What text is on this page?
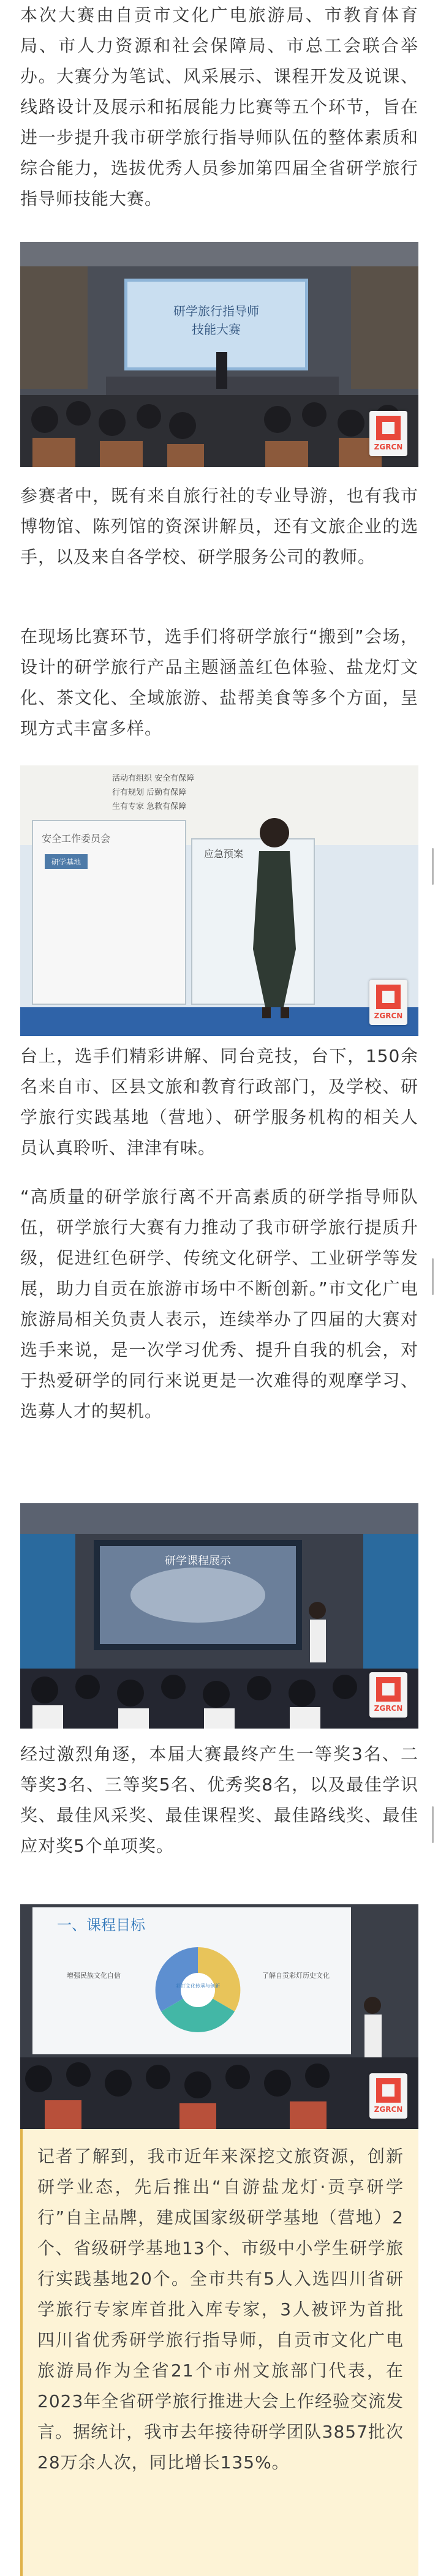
本次大赛由自贡市文化广电旅游局、市教育体育局、市人力资源和社会保障局、市总工会联合举办。大赛分为笔试、风采展示、课程开发及说课、线路设计及展示和拓展能力比赛等五个环节，旨在进一步提升我市研学旅行指导师队伍的整体素质和综合能力，选拔优秀人员参加第四届全省研学旅行指导师技能大赛。

研学旅行指导师
技能大赛
ZGRCN

参赛者中，既有来自旅行社的专业导游，也有我市博物馆、陈列馆的资深讲解员，还有文旅企业的选手，以及来自各学校、研学服务公司的教师。

在现场比赛环节，选手们将研学旅行“搬到”会场，设计的研学旅行产品主题涵盖红色体验、盐龙灯文化、茶文化、全域旅游、盐帮美食等多个方面，呈现方式丰富多样。

安全工作委员会
研学基地
应急预案
活动有组织 安全有保障
行有规划 后勤有保障
生有专家 急救有保障
ZGRCN

台上，选手们精彩讲解、同台竞技，台下，150余名来自市、区县文旅和教育行政部门，及学校、研学旅行实践基地（营地）、研学服务机构的相关人员认真聆听、津津有味。

“高质量的研学旅行离不开高素质的研学指导师队伍，研学旅行大赛有力推动了我市研学旅行提质升级，促进红色研学、传统文化研学、工业研学等发展，助力自贡在旅游市场中不断创新。”市文化广电旅游局相关负责人表示，连续举办了四届的大赛对选手来说，是一次学习优秀、提升自我的机会，对于热爱研学的同行来说更是一次难得的观摩学习、选募人才的契机。

研学课程展示
ZGRCN

经过激烈角逐，本届大赛最终产生一等奖3名、二等奖3名、三等奖5名、优秀奖8名，以及最佳学识奖、最佳风采奖、最佳课程奖、最佳路线奖、最佳应对奖5个单项奖。

一、课程目标
彩灯文化传承与创新
增强民族文化自信	了解自贡彩灯历史文化
ZGRCN

记者了解到，我市近年来深挖文旅资源，创新研学业态，先后推出“自游盐龙灯·贡享研学行”自主品牌，建成国家级研学基地（营地）2个、省级研学基地13个、市级中小学生研学旅行实践基地20个。全市共有5人入选四川省研学旅行专家库首批入库专家，3人被评为首批四川省优秀研学旅行指导师，自贡市文化广电旅游局作为全省21个市州文旅部门代表，在2023年全省研学旅行推进大会上作经验交流发言。据统计，我市去年接待研学团队3857批次28万余人次，同比增长135%。
